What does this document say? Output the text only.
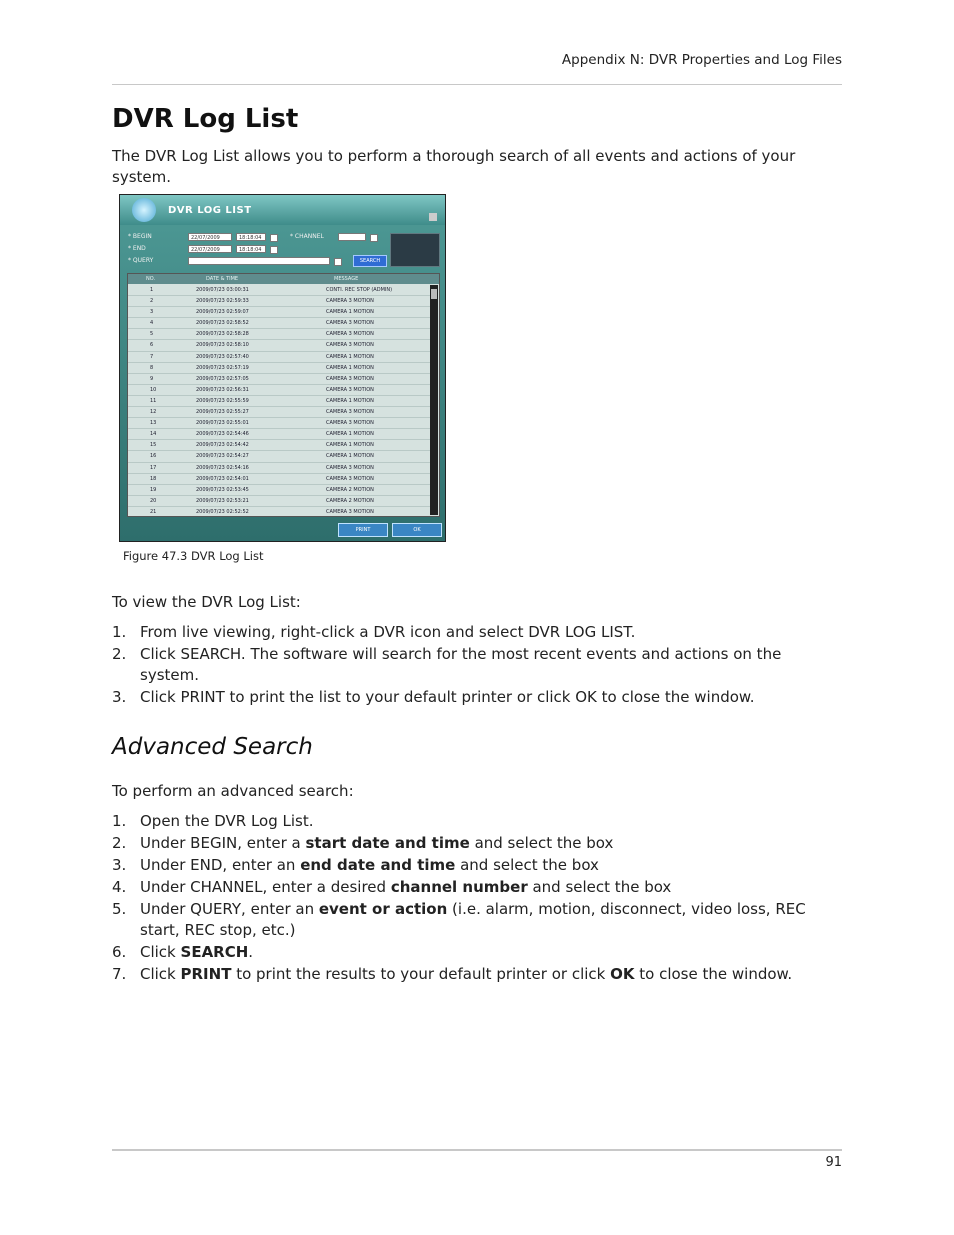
Appendix N: DVR Properties and Log Files
DVR Log List

The DVR Log List allows you to perform a thorough search of all events and actions of your system.

DVR LOG LIST
* BEGIN	22/07/2009	18:18:04	* CHANNEL
* END	22/07/2009	18:18:04
* QUERY	SEARCH
NO.	DATE & TIME	MESSAGE
1	2009/07/23 03:00:31	CONTI. REC STOP (ADMIN)
2	2009/07/23 02:59:33	CAMERA 3 MOTION
3	2009/07/23 02:59:07	CAMERA 1 MOTION
4	2009/07/23 02:58:52	CAMERA 3 MOTION
5	2009/07/23 02:58:28	CAMERA 3 MOTION
6	2009/07/23 02:58:10	CAMERA 3 MOTION
7	2009/07/23 02:57:40	CAMERA 1 MOTION
8	2009/07/23 02:57:19	CAMERA 1 MOTION
9	2009/07/23 02:57:05	CAMERA 3 MOTION
10	2009/07/23 02:56:31	CAMERA 3 MOTION
11	2009/07/23 02:55:59	CAMERA 1 MOTION
12	2009/07/23 02:55:27	CAMERA 3 MOTION
13	2009/07/23 02:55:01	CAMERA 3 MOTION
14	2009/07/23 02:54:46	CAMERA 1 MOTION
15	2009/07/23 02:54:42	CAMERA 1 MOTION
16	2009/07/23 02:54:27	CAMERA 1 MOTION
17	2009/07/23 02:54:16	CAMERA 3 MOTION
18	2009/07/23 02:54:01	CAMERA 3 MOTION
19	2009/07/23 02:53:45	CAMERA 2 MOTION
20	2009/07/23 02:53:21	CAMERA 2 MOTION
21	2009/07/23 02:52:52	CAMERA 3 MOTION
PRINT	OK
Figure 47.3 DVR Log List

To view the DVR Log List:

1. From live viewing, right-click a DVR icon and select DVR LOG LIST.
2. Click SEARCH. The software will search for the most recent events and actions on the system.
3. Click PRINT to print the list to your default printer or click OK to close the window.
Advanced Search

To perform an advanced search:

1. Open the DVR Log List.
2. Under BEGIN, enter a start date and time and select the box
3. Under END, enter an end date and time and select the box
4. Under CHANNEL, enter a desired channel number and select the box
5. Under QUERY, enter an event or action (i.e. alarm, motion, disconnect, video loss, REC start, REC stop, etc.)
6. Click SEARCH.
7. Click PRINT to print the results to your default printer or click OK to close the window.
91
